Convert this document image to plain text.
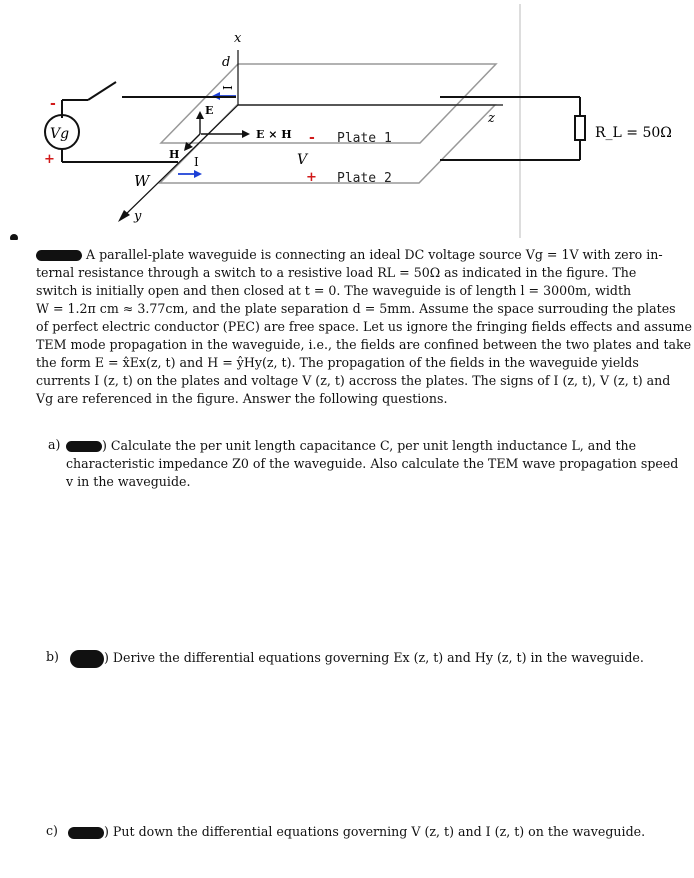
x
z
y
d
I
E
E × H
H
I
W
-
V
+
Plate 1
Plate 2
Vg
-
+
R_L = 50Ω
A parallel-plate waveguide is connecting an ideal DC voltage source Vg = 1V with zero in-
ternal resistance through a switch to a resistive load RL = 50Ω as indicated in the figure. The
switch is initially open and then closed at t = 0. The waveguide is of length l = 3000m, width
W = 1.2π cm ≈ 3.77cm, and the plate separation d = 5mm. Assume the space surrouding the plates
of perfect electric conductor (PEC) are free space. Let us ignore the fringing fields effects and assume
TEM mode propagation in the waveguide, i.e., the fields are confined between the two plates and take
the form E = x̂Ex(z, t) and H = ŷHy(z, t). The propagation of the fields in the waveguide yields
currents I (z, t) on the plates and voltage V (z, t) accross the plates. The signs of I (z, t), V (z, t) and
Vg are referenced in the figure. Answer the following questions.
a)	) Calculate the per unit length capacitance C, per unit length inductance L, and the
characteristic impedance Z0 of the waveguide. Also calculate the TEM wave propagation speed
v in the waveguide.
b)	) Derive the differential equations governing Ex (z, t) and Hy (z, t) in the waveguide.
c)	) Put down the differential equations governing V (z, t) and I (z, t) on the waveguide.
